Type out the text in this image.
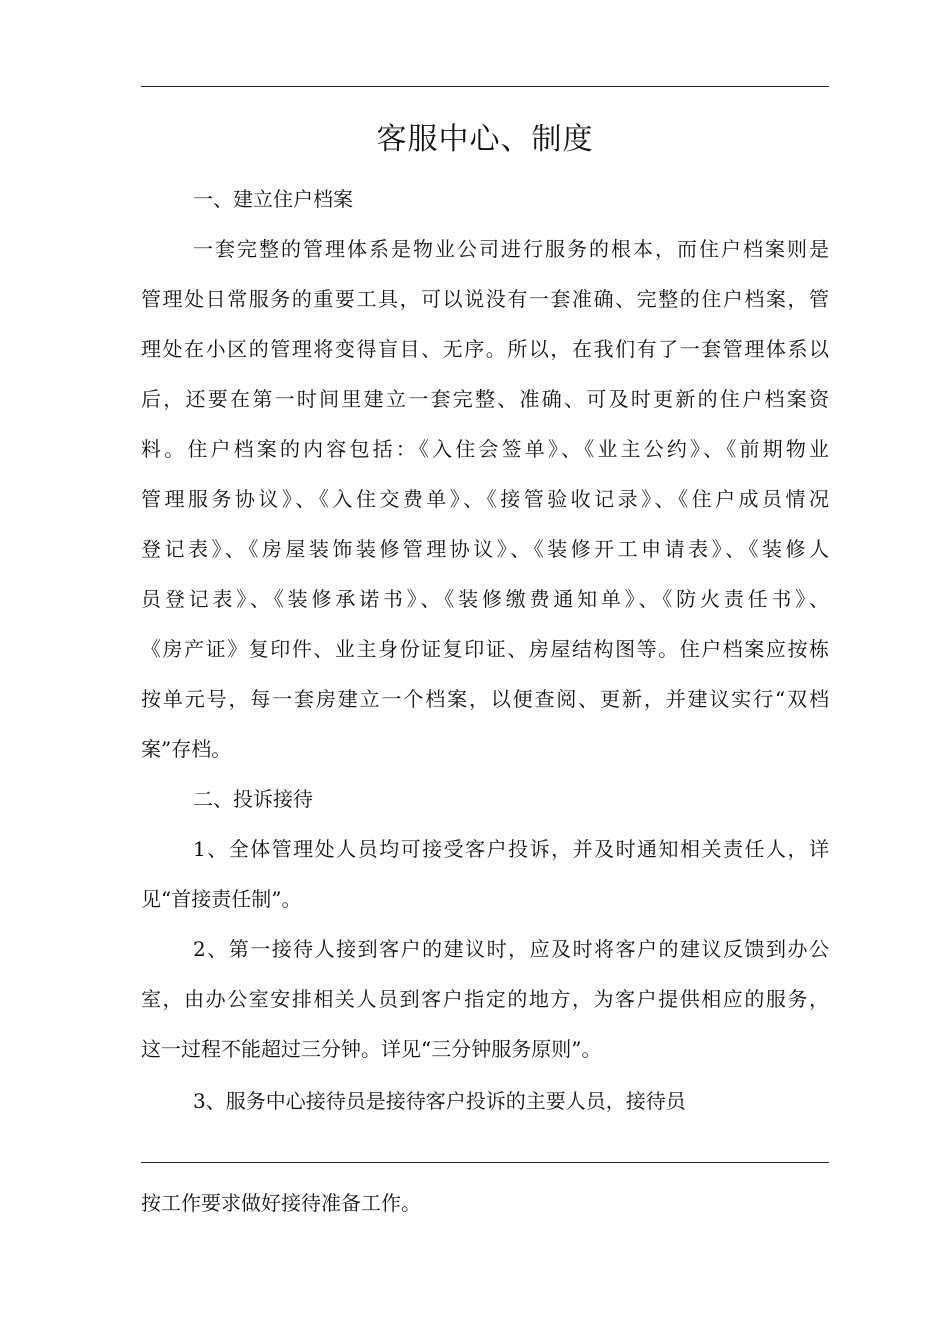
客服中心、制度
一、建立住户档案
一套完整的管理体系是物业公司进行服务的根本，而住户档案则是
管理处日常服务的重要工具，可以说没有一套准确、完整的住户档案，管
理处在小区的管理将变得盲目、无序。所以，在我们有了一套管理体系以
后，还要在第一时间里建立一套完整、准确、可及时更新的住户档案资
料。住户档案的内容包括：《入住会签单》、《业主公约》、《前期物业
管理服务协议》、《入住交费单》、《接管验收记录》、《住户成员情况
登记表》、《房屋装饰装修管理协议》、《装修开工申请表》、《装修人
员登记表》、《装修承诺书》、《装修缴费通知单》、《防火责任书》、
《房产证》复印件、业主身份证复印证、房屋结构图等。住户档案应按栋
按单元号，每一套房建立一个档案，以便查阅、更新，并建议实行“双档
案”存档。
二、投诉接待
1、全体管理处人员均可接受客户投诉，并及时通知相关责任人，详
见“首接责任制”。
2、第一接待人接到客户的建议时，应及时将客户的建议反馈到办公
室，由办公室安排相关人员到客户指定的地方，为客户提供相应的服务，
这一过程不能超过三分钟。详见“三分钟服务原则”。
3、服务中心接待员是接待客户投诉的主要人员，接待员
按工作要求做好接待准备工作。
